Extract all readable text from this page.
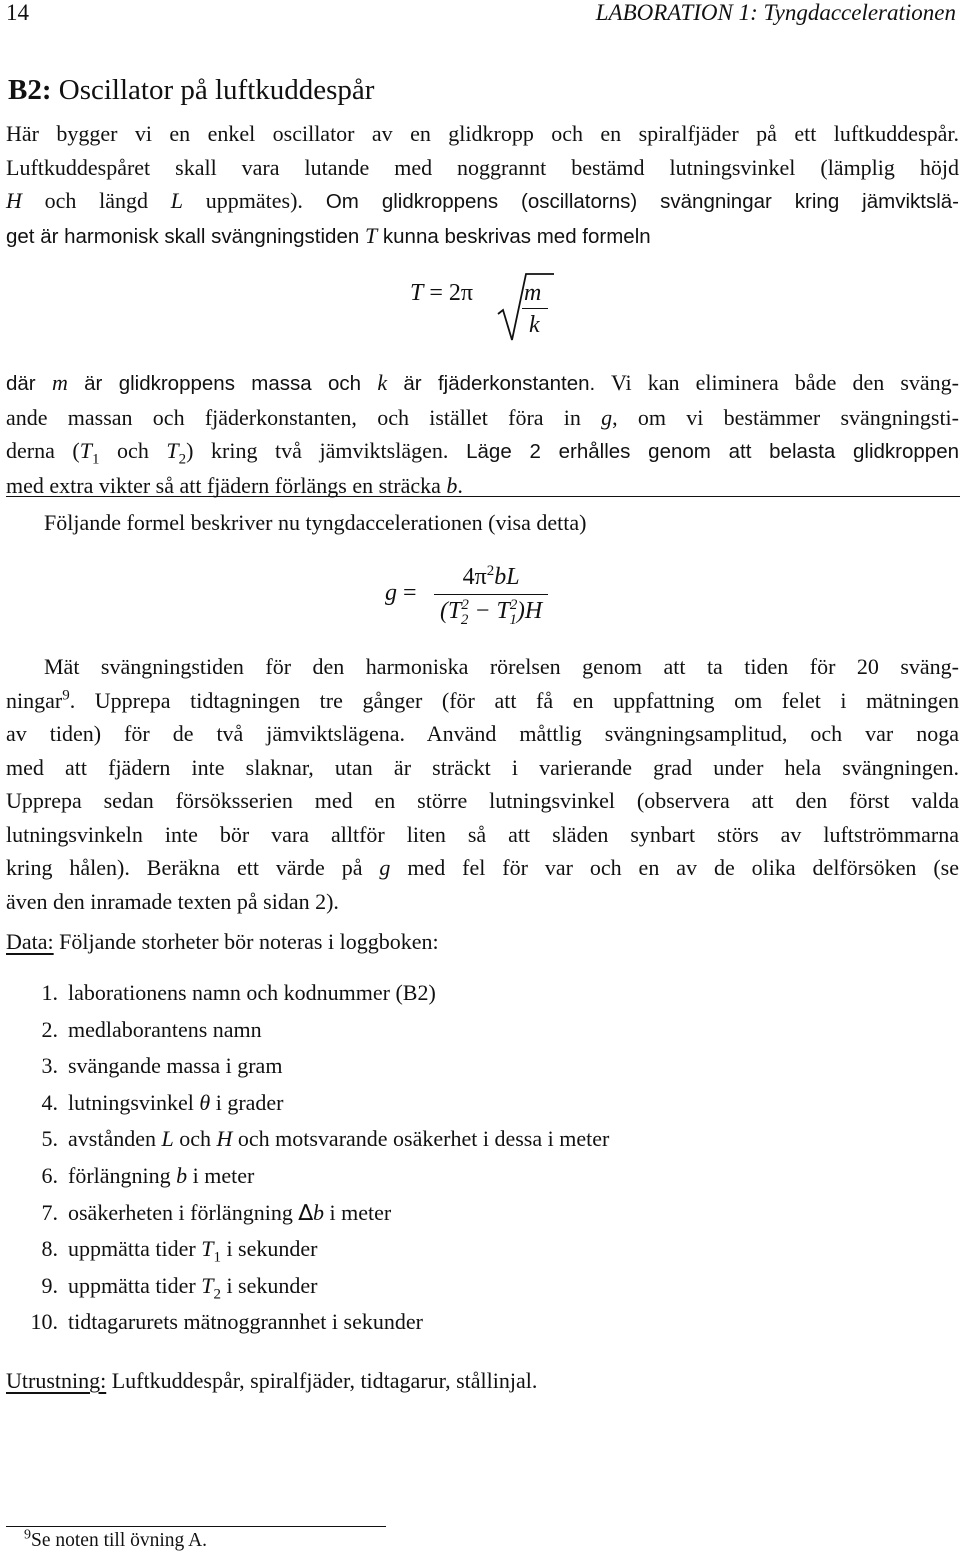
14	LABORATION 1: Tyngdaccelerationen
B2: Oscillator på luftkuddespår
Här bygger vi en enkel oscillator av en glidkropp och en spiralfjäder på ett luftkuddespår.
Luftkuddespåret skall vara lutande med noggrannt bestämd lutningsvinkel (lämplig höjd
H och längd L uppmätes). Om glidkroppens (oscillatorns) svängningar kring jämviktslä-
get är harmonisk skall svängningstiden T kunna beskrivas med formeln
T = 2π m
k
där m är glidkroppens massa och k är fjäderkonstanten. Vi kan eliminera både den sväng-
ande massan och fjäderkonstanten, och istället föra in g, om vi bestämmer svängningsti-
derna ($T_1$ och $T_2$) kring två jämviktslägen. Läge 2 erhålles genom att belasta glidkroppen
med extra vikter så att fjädern förlängs en sträcka b.
Följande formel beskriver nu tyngdaccelerationen (visa detta)
$g = \frac{4\pi^2bL}{(T^2_2 - T^2_1)H}$
Mät svängningstiden för den harmoniska rörelsen genom att ta tiden för 20 sväng-
ningar$^9$. Upprepa tidtagningen tre gånger (för att få en uppfattning om felet i mätningen
av tiden) för de två jämviktslägena. Använd måttlig svängningsamplitud, och var noga
med att fjädern inte slaknar, utan är sträckt i varierande grad under hela svängningen.
Upprepa sedan försöksserien med en större lutningsvinkel (observera att den först valda
lutningsvinkeln inte bör vara alltför liten så att släden synbart störs av luftströmmarna
kring hålen). Beräkna ett värde på g med fel för var och en av de olika delförsöken (se
även den inramade texten på sidan 2).
Data: Följande storheter bör noteras i loggboken:
1. laborationens namn och kodnummer (B2)
2. medlaborantens namn
3. svängande massa i gram
4. lutningsvinkel θ i grader
5. avstånden L och H och motsvarande osäkerhet i dessa i meter
6. förlängning b i meter
7. osäkerheten i förlängning ∆b i meter
8. uppmätta tider $T_1$ i sekunder
9. uppmätta tider $T_2$ i sekunder
10. tidtagarurets mätnoggrannhet i sekunder
Utrustning: Luftkuddespår, spiralfjäder, tidtagarur, stållinjal.
$^9$Se noten till övning A.
